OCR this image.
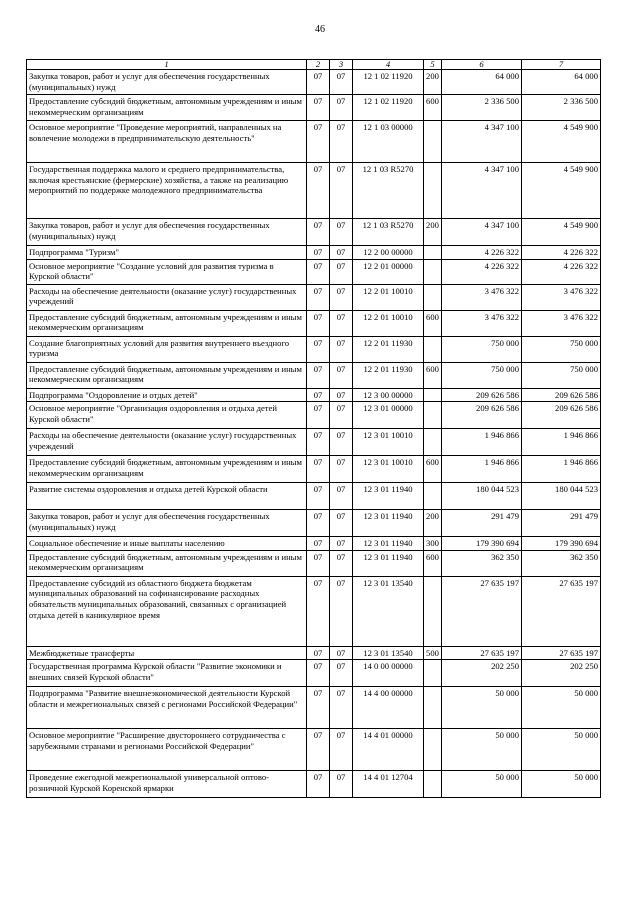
46
1	2	3	4	5	6	7
Закупка товаров, работ и услуг для обеспечения государственных (муниципальных) нужд	07	07	12 1 02 11920	200	64 000	64 000
Предоставление субсидий бюджетным, автономным учреждениям и иным некоммерческим организациям	07	07	12 1 02 11920	600	2 336 500	2 336 500
Основное мероприятие "Проведение мероприятий, направленных на вовлечение молодежи в предпринимательскую деятельность"	07	07	12 1 03 00000		4 347 100	4 549 900
Государственная поддержка малого и среднего предпринимательства, включая крестьянские (фермерские) хозяйства, а также на реализацию мероприятий по поддержке молодежного предпринимательства	07	07	12 1 03 R5270		4 347 100	4 549 900
Закупка товаров, работ и услуг для обеспечения государственных (муниципальных) нужд	07	07	12 1 03 R5270	200	4 347 100	4 549 900
Подпрограмма "Туризм"	07	07	12 2 00 00000		4 226 322	4 226 322
Основное мероприятие "Создание условий для развития туризма в Курской области"	07	07	12 2 01 00000		4 226 322	4 226 322
Расходы на обеспечение деятельности (оказание услуг) государственных учреждений	07	07	12 2 01 10010		3 476 322	3 476 322
Предоставление субсидий бюджетным, автономным учреждениям и иным некоммерческим организациям	07	07	12 2 01 10010	600	3 476 322	3 476 322
Создание благоприятных условий для развития внутреннего въездного туризма	07	07	12 2 01 11930		750 000	750 000
Предоставление субсидий бюджетным, автономным учреждениям и иным некоммерческим организациям	07	07	12 2 01 11930	600	750 000	750 000
Подпрограмма "Оздоровление и отдых детей"	07	07	12 3 00 00000		209 626 586	209 626 586
Основное мероприятие "Организация оздоровления и отдыха детей Курской области"	07	07	12 3 01 00000		209 626 586	209 626 586
Расходы на обеспечение деятельности (оказание услуг) государственных учреждений	07	07	12 3 01 10010		1 946 866	1 946 866
Предоставление субсидий бюджетным, автономным учреждениям и иным некоммерческим организациям	07	07	12 3 01 10010	600	1 946 866	1 946 866
Развитие системы оздоровления и отдыха детей Курской области	07	07	12 3 01 11940		180 044 523	180 044 523
Закупка товаров, работ и услуг для обеспечения государственных (муниципальных) нужд	07	07	12 3 01 11940	200	291 479	291 479
Социальное обеспечение и иные выплаты населению	07	07	12 3 01 11940	300	179 390 694	179 390 694
Предоставление субсидий бюджетным, автономным учреждениям и иным некоммерческим организациям	07	07	12 3 01 11940	600	362 350	362 350
Предоставление субсидий из областного бюджета бюджетам муниципальных образований на софинансирование расходных обязательств муниципальных образований, связанных с организацией отдыха детей в каникулярное время	07	07	12 3 01 13540		27 635 197	27 635 197
Межбюджетные трансферты	07	07	12 3 01 13540	500	27 635 197	27 635 197
Государственная программа Курской области "Развитие экономики и внешних связей Курской области"	07	07	14 0 00 00000		202 250	202 250
Подпрограмма "Развитие внешнеэкономической деятельности Курской области и межрегиональных связей с регионами Российской Федерации"	07	07	14 4 00 00000		50 000	50 000
Основное мероприятие "Расширение двустороннего сотрудничества с зарубежными странами и регионами Российской Федерации"	07	07	14 4 01 00000		50 000	50 000
Проведение ежегодной межрегиональной универсальной оптово-розничной Курской Коренской ярмарки	07	07	14 4 01 12704		50 000	50 000
